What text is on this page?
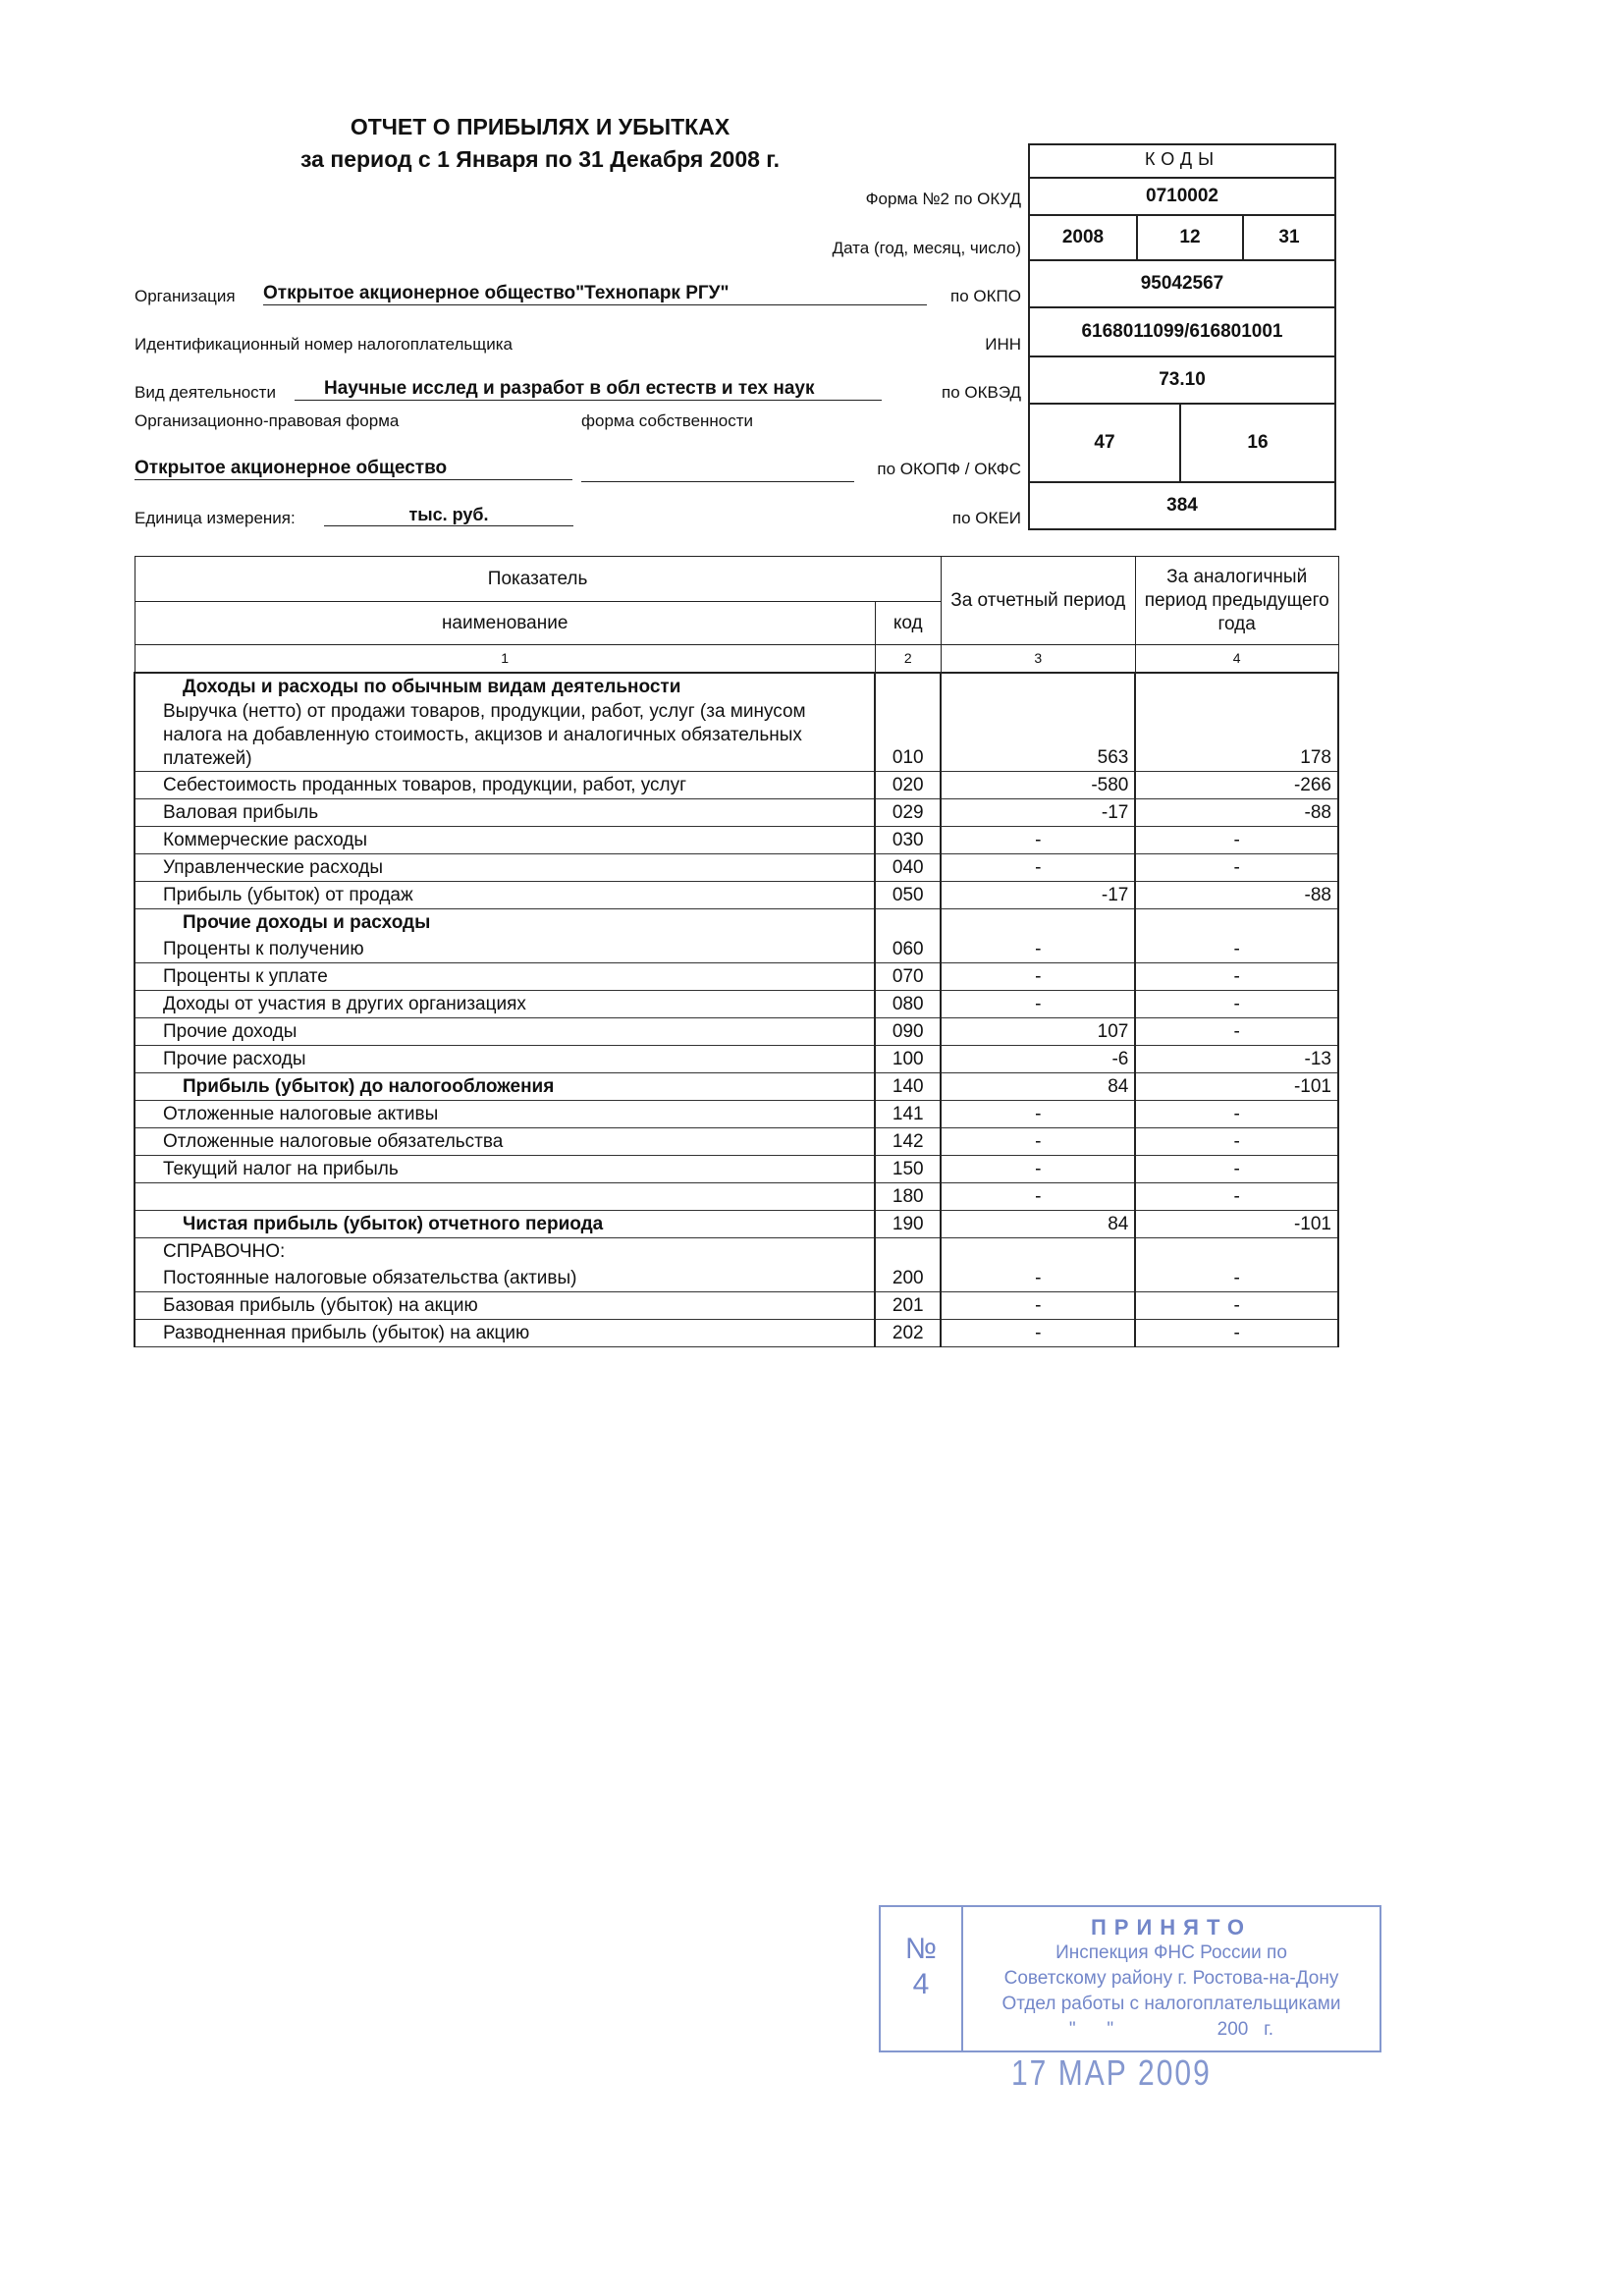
ОТЧЕТ О ПРИБЫЛЯХ И УБЫТКАХ
за период с 1 Января по 31 Декабря 2008 г.	КОДЫ
0710002
2008	12	31
95042567
6168011099/616801001
73.10
47	16
384
Форма №2 по ОКУД
Дата (год, месяц, число)
Организация Открытое акционерное общество"Технопарк РГУ"	по ОКПО
Идентификационный номер налогоплательщика	ИНН
Вид деятельности	Научные исслед и разработ в обл естеств и тех наук	по ОКВЭД
Организационно-правовая форма	форма собственности
Открытое акционерное общество	по ОКОПФ / ОКФС
Единица измерения:	тыс. руб.	по ОКЕИ
Показатель		За отчетный период	За аналогичный период предыдущего года
наименование	код		
1	2	3	4
Доходы и расходы по обычным видам деятельности			
Выручка (нетто) от продажи товаров, продукции, работ, услуг (за минусом налога на добавленную стоимость, акцизов и аналогичных обязательных платежей)	010	563	178
Себестоимость проданных товаров, продукции, работ, услуг	020	-580	-266
Валовая прибыль	029	-17	-88
Коммерческие расходы	030	-	-
Управленческие расходы	040	-	-
Прибыль (убыток) от продаж	050	-17	-88
Прочие доходы и расходы			
Проценты к получению	060	-	-
Проценты к уплате	070	-	-
Доходы от участия в других организациях	080	-	-
Прочие доходы	090	107	-
Прочие расходы	100	-6	-13
Прибыль (убыток) до налогообложения	140	84	-101
Отложенные налоговые активы	141	-	-
Отложенные налоговые обязательства	142	-	-
Текущий налог на прибыль	150	-	-
	180	-	-
Чистая прибыль (убыток) отчетного периода	190	84	-101
СПРАВОЧНО:			
Постоянные налоговые обязательства (активы)	200	-	-
Базовая прибыль (убыток) на акцию	201	-	-
Разводненная прибыль (убыток) на акцию	202	-	-
№
4
ПРИНЯТО
Инспекция ФНС России по
Советскому району г. Ростова-на-Дону
Отдел работы с налогоплательщиками
"      "                    200   г.
17 МАР 2009
